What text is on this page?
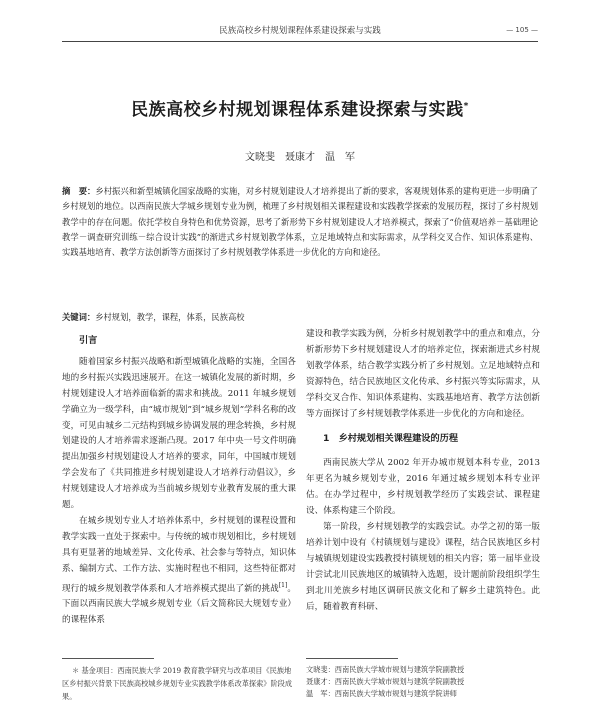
民族高校乡村规划课程体系建设探索与实践	— 105 —
民族高校乡村规划课程体系建设探索与实践*
文晓斐　聂康才　温　军
摘　要：乡村振兴和新型城镇化国家战略的实施，对乡村规划建设人才培养提出了新的要求，客观规划体系的建构更进一步明确了乡村规划的地位。以西南民族大学城乡规划专业为例，梳理了乡村规划相关课程建设和实践教学探索的发展历程，探讨了乡村规划教学中的存在问题。依托学校自身特色和优势资源，思考了新形势下乡村规划建设人才培养模式，探索了“价值观培养－基础理论教学－调查研究训练－综合设计实践”的渐进式乡村规划教学体系，立足地域特点和实际需求，从学科交叉合作、知识体系建构、实践基地培育、教学方法创新等方面探讨了乡村规划教学体系进一步优化的方向和途径。
关键词：乡村规划，教学，课程，体系，民族高校

引言

随着国家乡村振兴战略和新型城镇化战略的实施，全国各地的乡村振兴实践迅速展开。在这一城镇化发展的新时期，乡村规划建设人才培养面临新的需求和挑战。2011 年城乡规划学确立为一级学科，由“城市规划”到“城乡规划”学科名称的改变，可见由城乡二元结构到城乡协调发展的理念转换，乡村规划建设的人才培养需求逐渐凸现。2017 年中央一号文件明确提出加强乡村规划建设人才培养的要求，同年，中国城市规划学会发布了《共同推进乡村规划建设人才培养行动倡议》，乡村规划建设人才培养成为当前城乡规划专业教育发展的重大课题。

在城乡规划专业人才培养体系中，乡村规划的课程设置和教学实践一直处于探索中。与传统的城市规划相比，乡村规划具有更显著的地域差异、文化传承、社会参与等特点，知识体系、编制方式、工作方法、实施时程也不相同，这些特征都对现行的城乡规划教学体系和人才培养模式提出了新的挑战[1]。下面以西南民族大学城乡规划专业（后文简称民大规划专业）的课程体系

建设和教学实践为例，分析乡村规划教学中的重点和难点，分析新形势下乡村规划建设人才的培养定位，探索渐进式乡村规划教学体系，结合教学实践分析了乡村规划。立足地域特点和资源特色，结合民族地区文化传承、乡村振兴等实际需求，从学科交叉合作、知识体系建构、实践基地培育、教学方法创新等方面探讨了乡村规划教学体系进一步优化的方向和途径。

1　乡村规划相关课程建设的历程

西南民族大学从 2002 年开办城市规划本科专业，2013 年更名为城乡规划专业，2016 年通过城乡规划本科专业评估。在办学过程中，乡村规划教学经历了实践尝试、课程建设、体系构建三个阶段。

第一阶段，乡村规划教学的实践尝试。办学之初的第一版培养计划中设有《村镇规划与建设》课程，结合民族地区乡村与城镇规划建设实践教授村镇规划的相关内容；第一届毕业设计尝试北川民族地区的城镇特入选题，设计题前阶段组织学生到北川羌族乡村地区调研民族文化和了解乡土建筑特色。此后，随着教育科研、

＊ 基金项目：西南民族大学 2019 教育教学研究与改革项目《民族地区乡村振兴背景下民族高校城乡规划专业实践教学体系改革探索》阶段成果。

文晓斐：西南民族大学城市规划与建筑学院副教授

聂康才：西南民族大学城市规划与建筑学院副教授

温　军：西南民族大学城市规划与建筑学院讲师
